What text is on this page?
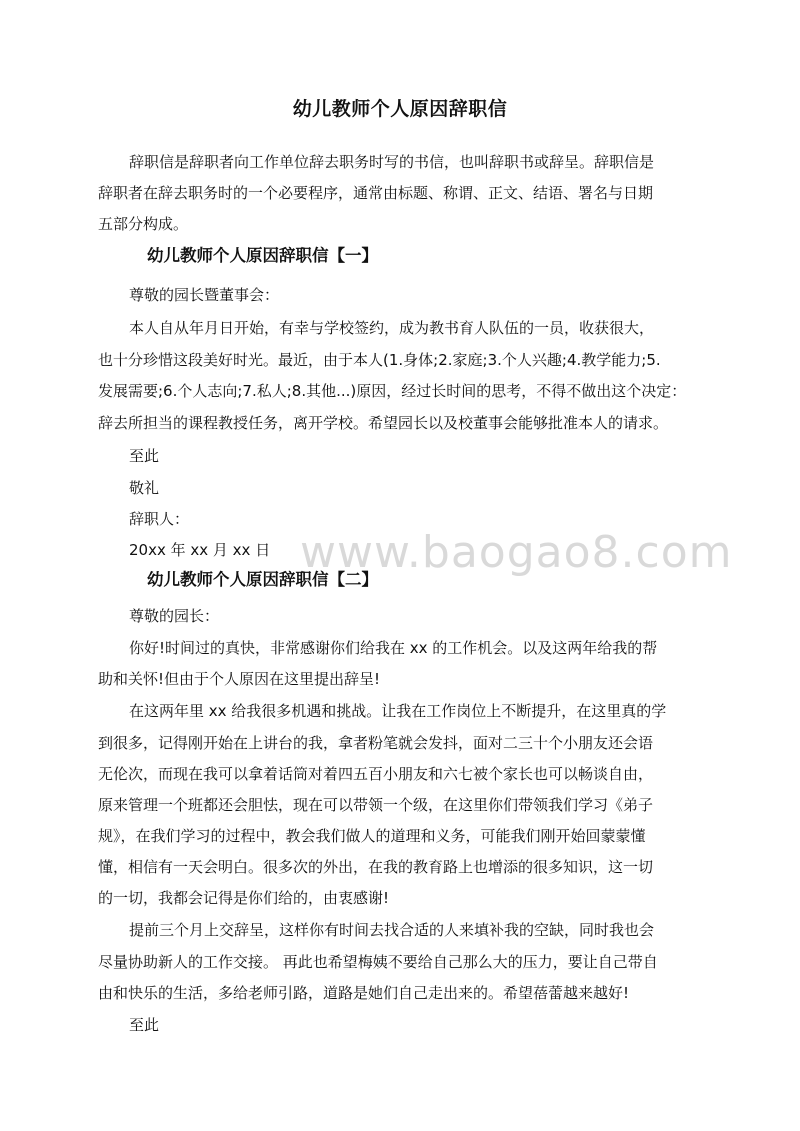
www.baogao8.com
幼儿教师个人原因辞职信
辞职信是辞职者向工作单位辞去职务时写的书信，也叫辞职书或辞呈。辞职信是
辞职者在辞去职务时的一个必要程序，通常由标题、称谓、正文、结语、署名与日期
五部分构成。
幼儿教师个人原因辞职信【一】
尊敬的园长暨董事会：
本人自从年月日开始，有幸与学校签约，成为教书育人队伍的一员，收获很大，
也十分珍惜这段美好时光。最近，由于本人(1.身体;2.家庭;3.个人兴趣;4.教学能力;5.
发展需要;6.个人志向;7.私人;8.其他...)原因，经过长时间的思考，不得不做出这个决定：
辞去所担当的课程教授任务，离开学校。希望园长以及校董事会能够批准本人的请求。
至此
敬礼
辞职人：
20xx 年 xx 月 xx 日
幼儿教师个人原因辞职信【二】
尊敬的园长：
你好!时间过的真快，非常感谢你们给我在 xx 的工作机会。以及这两年给我的帮
助和关怀!但由于个人原因在这里提出辞呈!
在这两年里 xx 给我很多机遇和挑战。让我在工作岗位上不断提升，在这里真的学
到很多，记得刚开始在上讲台的我，拿者粉笔就会发抖，面对二三十个小朋友还会语
无伦次，而现在我可以拿着话筒对着四五百小朋友和六七被个家长也可以畅谈自由，
原来管理一个班都还会胆怯，现在可以带领一个级，在这里你们带领我们学习《弟子
规》，在我们学习的过程中，教会我们做人的道理和义务，可能我们刚开始回蒙蒙懂
懂，相信有一天会明白。很多次的外出，在我的教育路上也增添的很多知识，这一切
的一切，我都会记得是你们给的，由衷感谢!
提前三个月上交辞呈，这样你有时间去找合适的人来填补我的空缺，同时我也会
尽量协助新人的工作交接。 再此也希望梅姨不要给自己那么大的压力，要让自己带自
由和快乐的生活，多给老师引路，道路是她们自己走出来的。希望蓓蕾越来越好!
至此
